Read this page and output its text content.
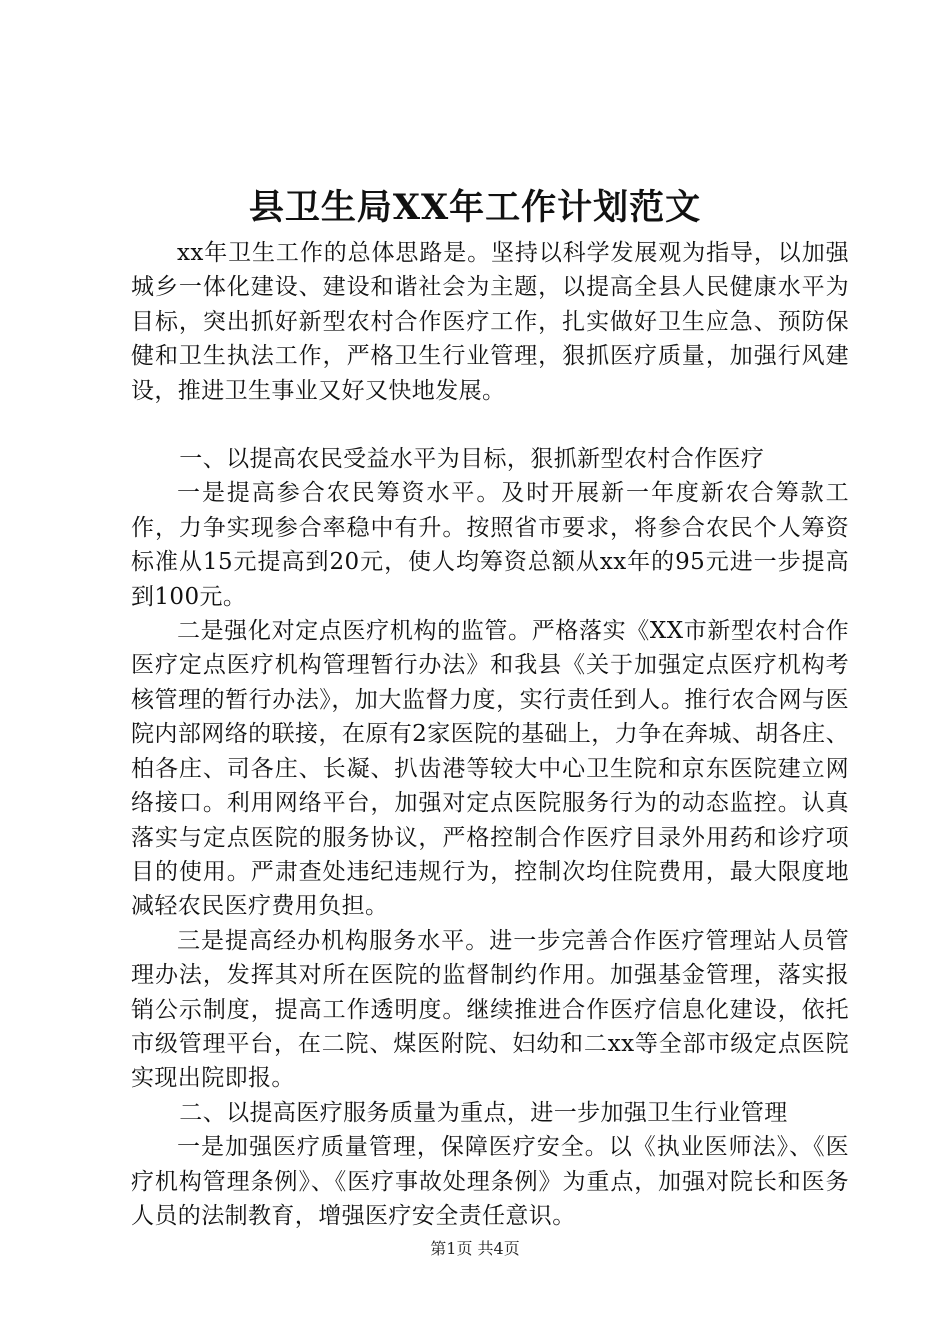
县卫生局XX年工作计划范文

xx年卫生工作的总体思路是。坚持以科学发展观为指导，以加强城乡一体化建设、建设和谐社会为主题，以提高全县人民健康水平为目标，突出抓好新型农村合作医疗工作，扎实做好卫生应急、预防保健和卫生执法工作，严格卫生行业管理，狠抓医疗质量，加强行风建设，推进卫生事业又好又快地发展。

一、以提高农民受益水平为目标，狠抓新型农村合作医疗

一是提高参合农民筹资水平。及时开展新一年度新农合筹款工作，力争实现参合率稳中有升。按照省市要求，将参合农民个人筹资标准从15元提高到20元，使人均筹资总额从xx年的95元进一步提高到100元。

二是强化对定点医疗机构的监管。严格落实《XX市新型农村合作医疗定点医疗机构管理暂行办法》和我县《关于加强定点医疗机构考核管理的暂行办法》，加大监督力度，实行责任到人。推行农合网与医院内部网络的联接，在原有2家医院的基础上，力争在奔城、胡各庄、柏各庄、司各庄、长凝、扒齿港等较大中心卫生院和京东医院建立网络接口。利用网络平台，加强对定点医院服务行为的动态监控。认真落实与定点医院的服务协议，严格控制合作医疗目录外用药和诊疗项目的使用。严肃查处违纪违规行为，控制次均住院费用，最大限度地减轻农民医疗费用负担。

三是提高经办机构服务水平。进一步完善合作医疗管理站人员管理办法，发挥其对所在医院的监督制约作用。加强基金管理，落实报销公示制度，提高工作透明度。继续推进合作医疗信息化建设，依托市级管理平台，在二院、煤医附院、妇幼和二xx等全部市级定点医院实现出院即报。

二、以提高医疗服务质量为重点，进一步加强卫生行业管理

一是加强医疗质量管理，保障医疗安全。以《执业医师法》、《医疗机构管理条例》、《医疗事故处理条例》为重点，加强对院长和医务人员的法制教育，增强医疗安全责任意识。

第1页 共4页
